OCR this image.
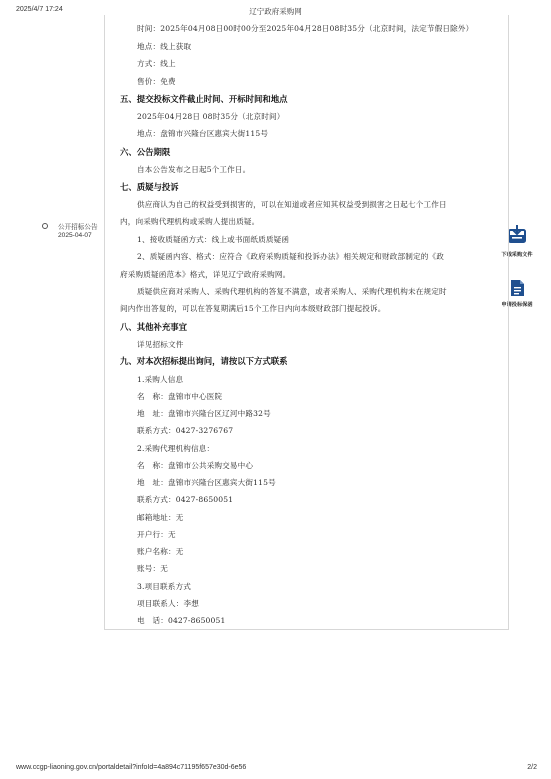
2025/4/7 17:24	辽宁政府采购网
公开招标公告
2025-04-07
下载采购文件
申请投标保函
时间：2025年04月08日00时00分至2025年04月28日08时35分（北京时间，法定节假日除外）
地点：线上获取
方式：线上
售价：免费
五、提交投标文件截止时间、开标时间和地点
2025年04月28日 08时35分（北京时间）
地点：盘锦市兴隆台区惠宾大街115号
六、公告期限
自本公告发布之日起5个工作日。
七、质疑与投诉
供应商认为自己的权益受到损害的，可以在知道或者应知其权益受到损害之日起七个工作日
内，向采购代理机构或采购人提出质疑。
1、接收质疑函方式：线上或书面纸质质疑函
2、质疑函内容、格式：应符合《政府采购质疑和投诉办法》相关规定和财政部制定的《政
府采购质疑函范本》格式，详见辽宁政府采购网。
质疑供应商对采购人、采购代理机构的答复不满意，或者采购人、采购代理机构未在规定时
间内作出答复的，可以在答复期满后15个工作日内向本级财政部门提起投诉。
八、其他补充事宜
详见招标文件
九、对本次招标提出询问，请按以下方式联系
1.采购人信息
名　称：盘锦市中心医院
地　址：盘锦市兴隆台区辽河中路32号
联系方式：0427-3276767
2.采购代理机构信息：
名　称：盘锦市公共采购交易中心
地　址：盘锦市兴隆台区惠宾大街115号
联系方式：0427-8650051
邮箱地址：无
开户行：无
账户名称：无
账号：无
3.项目联系方式
项目联系人：李想
电　话：0427-8650051
www.ccgp-liaoning.gov.cn/portaldetail?infoId=4a894c71195f657e30d-6e56	2/2
